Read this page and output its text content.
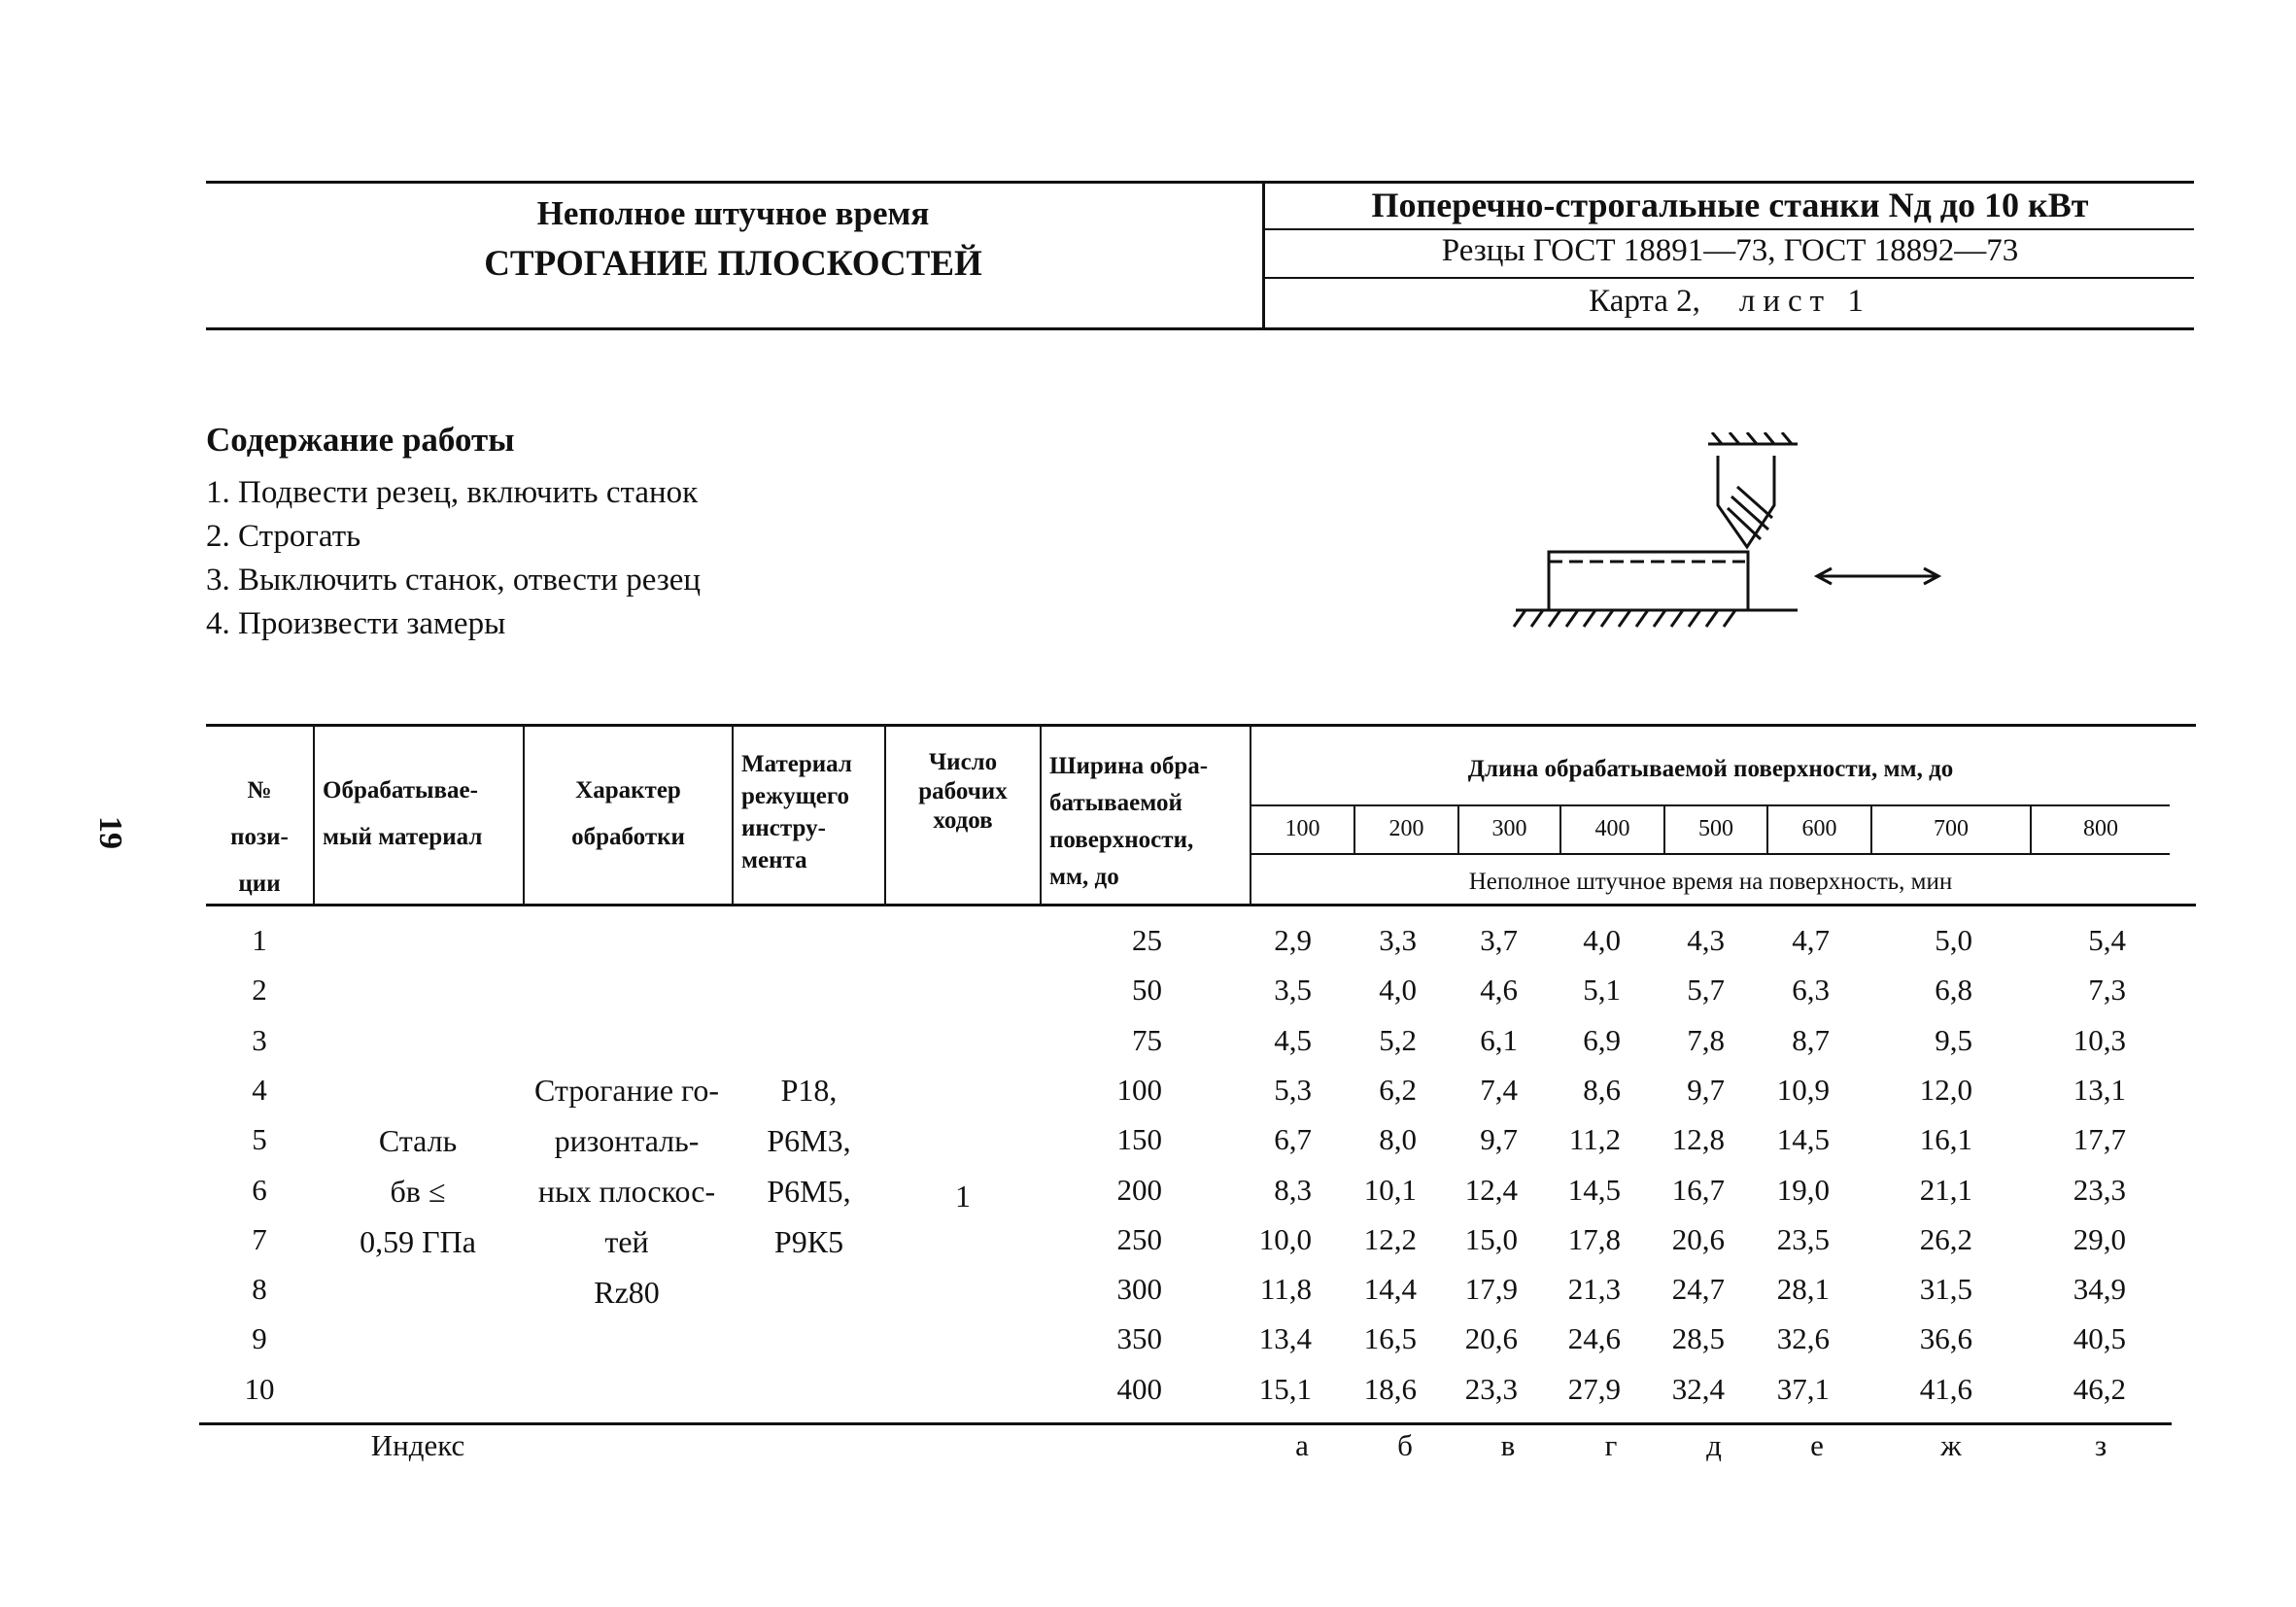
19
Неполное штучное время
СТРОГАНИЕ ПЛОСКОСТЕЙ
Поперечно-строгальные станки Nд до 10 кВт
Резцы ГОСТ 18891—73, ГОСТ 18892—73
Карта 2, лист 1
Содержание работы
1. Подвести резец, включить станок
2. Строгать
3. Выключить станок, отвести резец
4. Произвести замеры
№
пози-
ции
Обрабатывае-
мый материал
Характер
обработки
Материал
режущего
инстру-
мента
Число
рабочих
ходов
Ширина обра-
батываемой
поверхности,
мм, до
Длина обрабатываемой поверхности, мм, до
Неполное штучное время на поверхность, мин
100	200	300	400	500	600	700	800
Сталь
бв ≤
0,59 ГПа
Строгание го-
ризонталь-
ных плоскос-
тей
Rz80
Р18,
Р6М3,
Р6М5,
Р9К5
1
1	25	2,9	3,3	3,7	4,0	4,3	4,7	5,0	5,4
2	50	3,5	4,0	4,6	5,1	5,7	6,3	6,8	7,3
3	75	4,5	5,2	6,1	6,9	7,8	8,7	9,5	10,3
4	100	5,3	6,2	7,4	8,6	9,7	10,9	12,0	13,1
5	150	6,7	8,0	9,7	11,2	12,8	14,5	16,1	17,7
6	200	8,3	10,1	12,4	14,5	16,7	19,0	21,1	23,3
7	250	10,0	12,2	15,0	17,8	20,6	23,5	26,2	29,0
8	300	11,8	14,4	17,9	21,3	24,7	28,1	31,5	34,9
9	350	13,4	16,5	20,6	24,6	28,5	32,6	36,6	40,5
10	400	15,1	18,6	23,3	27,9	32,4	37,1	41,6	46,2
Индекс	а	б	в	г	д	е	ж	з
